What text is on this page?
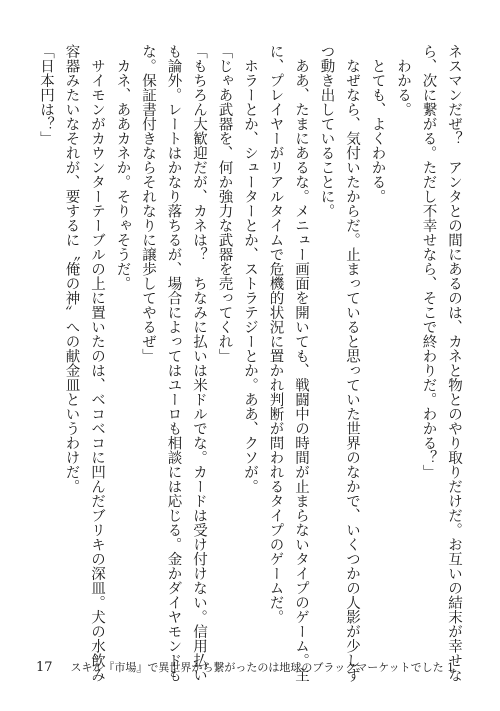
ネスマンだぜ？　アンタとの間にあるのは、カネと物とのやり取りだけだ。お互いの結末が幸せな
ら、次に繋がる。ただし不幸せなら、そこで終わりだ。わかる？」
　わかる。
　とても、よくわかる。
　なぜなら、気付いたからだ。止まっていると思っていた世界のなかで、いくつかの人影が少しず
つ動き出していることに。
　ああ、たまにあるな。メニュー画面を開いても、戦闘中の時間が止まらないタイプのゲーム。主
に、プレイヤーがリアルタイムで危機的状況に置かれ判断が問われるタイプのゲームだ。
　ホラーとか、シューターとか、ストラテジーとか。ああ、クソが。
「じゃあ武器を、何か強力な武器を売ってくれ」
「もちろん大歓迎だが、カネは？　ちなみに払いは米ドルでな。カードは受け付けない。信用払い
も論外。レートはかなり落ちるが、場合によってはユーロも相談には応じる。金かダイヤモンドも
な。保証書付きならそれなりに譲歩してやるぜ」
　カネ、ああカネか。そりゃそうだ。
　サイモンがカウンターテーブルの上に置いたのは、ベコベコに凹んだブリキの深皿。犬の水飲み
容器みたいなそれが、要するに〝俺の神〟への献金皿というわけだ。
「日本円は？」
17 スキル『市場』で異世界から繋がったのは地球のブラックマーケットでした 1
